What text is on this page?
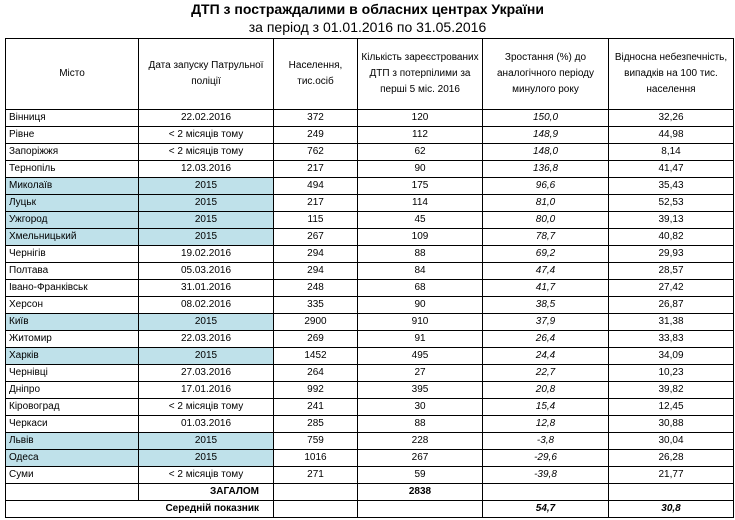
ДТП з постраждалими в обласних центрах України
за період з 01.01.2016 по 31.05.2016
Місто	Дата запуску Патрульної поліції	Населення, тис.осіб	Кількість зареєстрованих ДТП з потерпілими за перші 5 міс. 2016	Зростання (%) до аналогічного періоду минулого року	Відносна небезпечність, випадків на 100 тис. населення
Вінниця	22.02.2016	372	120	150,0	32,26
Рівне	< 2 місяців тому	249	112	148,9	44,98
Запоріжжя	< 2 місяців тому	762	62	148,0	8,14
Тернопіль	12.03.2016	217	90	136,8	41,47
Миколаїв	2015	494	175	96,6	35,43
Луцьк	2015	217	114	81,0	52,53
Ужгород	2015	115	45	80,0	39,13
Хмельницький	2015	267	109	78,7	40,82
Чернігів	19.02.2016	294	88	69,2	29,93
Полтава	05.03.2016	294	84	47,4	28,57
Івано-Франківськ	31.01.2016	248	68	41,7	27,42
Херсон	08.02.2016	335	90	38,5	26,87
Київ	2015	2900	910	37,9	31,38
Житомир	22.03.2016	269	91	26,4	33,83
Харків	2015	1452	495	24,4	34,09
Чернівці	27.03.2016	264	27	22,7	10,23
Дніпро	17.01.2016	992	395	20,8	39,82
Кіровоград	< 2 місяців тому	241	30	15,4	12,45
Черкаси	01.03.2016	285	88	12,8	30,88
Львів	2015	759	228	-3,8	30,04
Одеса	2015	1016	267	-29,6	26,28
Суми	< 2 місяців тому	271	59	-39,8	21,77
	ЗАГАЛОМ		2838		
Середній показник				54,7	30,8
